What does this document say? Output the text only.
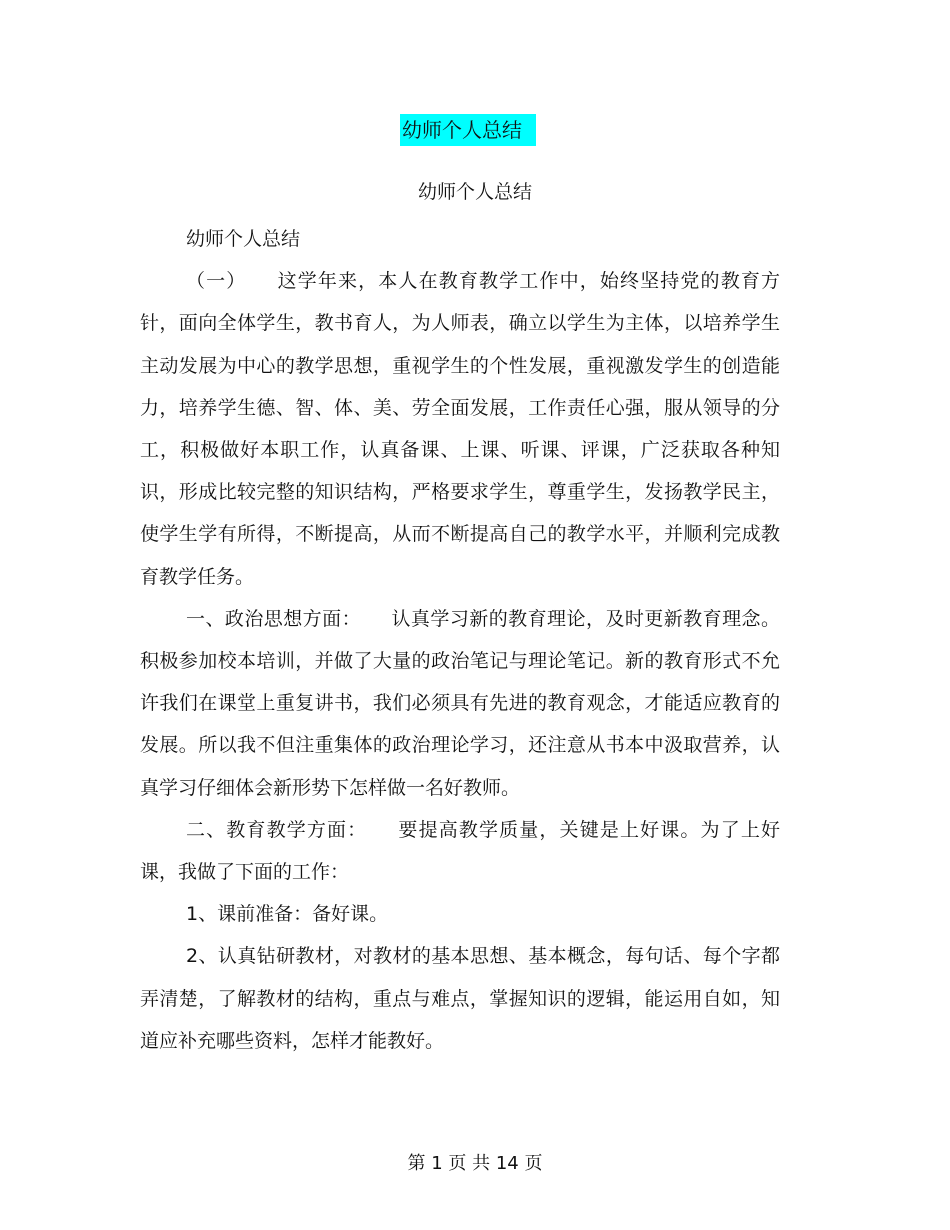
幼师个人总结
幼师个人总结

幼师个人总结

（一） 这学年来，本人在教育教学工作中，始终坚持党的教育方针，面向全体学生，教书育人，为人师表，确立以学生为主体，以培养学生主动发展为中心的教学思想，重视学生的个性发展，重视激发学生的创造能力，培养学生德、智、体、美、劳全面发展，工作责任心强，服从领导的分工，积极做好本职工作，认真备课、上课、听课、评课，广泛获取各种知识，形成比较完整的知识结构，严格要求学生，尊重学生，发扬教学民主，使学生学有所得，不断提高，从而不断提高自己的教学水平，并顺利完成教育教学任务。

一、政治思想方面： 认真学习新的教育理论，及时更新教育理念。积极参加校本培训，并做了大量的政治笔记与理论笔记。新的教育形式不允许我们在课堂上重复讲书，我们必须具有先进的教育观念，才能适应教育的发展。所以我不但注重集体的政治理论学习，还注意从书本中汲取营养，认真学习仔细体会新形势下怎样做一名好教师。

二、教育教学方面： 要提高教学质量，关键是上好课。为了上好课，我做了下面的工作：

1、课前准备：备好课。

2、认真钻研教材，对教材的基本思想、基本概念，每句话、每个字都弄清楚，了解教材的结构，重点与难点，掌握知识的逻辑，能运用自如，知道应补充哪些资料，怎样才能教好。

第 1 页 共 14 页
